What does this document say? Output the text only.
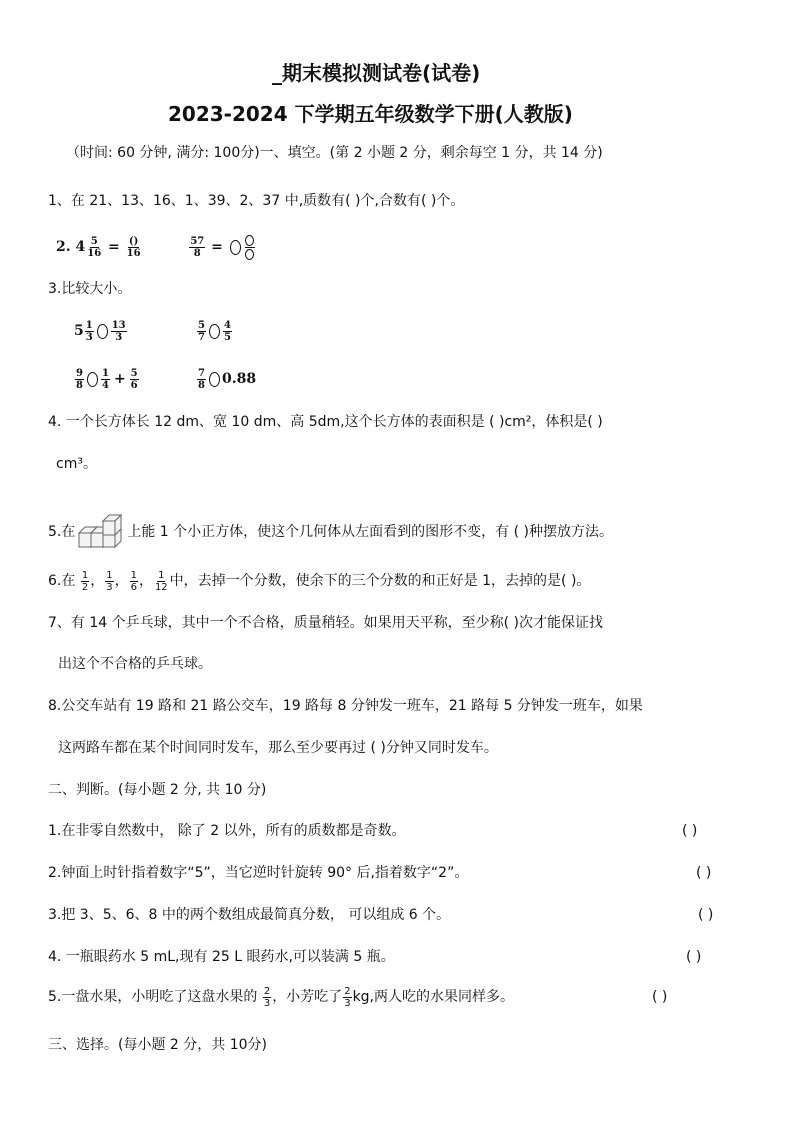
_期末模拟测试卷(试卷)
2023-2024 下学期五年级数学下册(人教版)
（时间: 60 分钟, 满分: 100分)一、填空。(第 2 小题 2 分，剩余每空 1 分，共 14 分)
1、在 21、13、16、1、39、2、37 中,质数有( )个,合数有( )个。
2. $4 \frac{5}{16} = \frac{()}{16}$
	$\frac{57}{8}$ =
3.比较大小。
$5 \frac{1}{3} \frac{13}{3}$	$\frac{5}{7} \frac{4}{5}$
$\frac{9}{8} \frac{1}{4} + \frac{5}{6}$	$\frac{7}{8} 0.88$
4. 一个长方体长 12 dm、宽 10 dm、高 5dm,这个长方体的表面积是 ( )cm²，体积是( )
cm³。
5.在	上能 1 个小正方体，使这个几何体从左面看到的图形不变，有 ( )种摆放方法。
6.在 $\frac{1}{2}$ ， $\frac{1}{3}$ ， $\frac{1}{6}$ ， $\frac{1}{12}$ 中，去掉一个分数，使余下的三个分数的和正好是 1，去掉的是( )。
7、有 14 个乒乓球，其中一个不合格，质量稍轻。如果用天平称，至少称( )次才能保证找
出这个不合格的乒乓球。
8.公交车站有 19 路和 21 路公交车，19 路每 8 分钟发一班车，21 路每 5 分钟发一班车，如果
这两路车都在某个时间同时发车，那么至少要再过 ( )分钟又同时发车。
二、判断。(每小题 2 分, 共 10 分)
1.在非零自然数中， 除了 2 以外，所有的质数都是奇数。	( )
2.钟面上时针指着数字“5”，当它逆时针旋转 90° 后,指着数字“2”。	( )
3.把 3、5、6、8 中的两个数组成最简真分数， 可以组成 6 个。	( )
4. 一瓶眼药水 5 mL,现有 25 L 眼药水,可以装满 5 瓶。	( )
5.一盘水果，小明吃了这盘水果的 $\frac{2}{3}$ ，小芳吃了 $\frac{2}{3}$ kg,两人吃的水果同样多。	( )
三、选择。(每小题 2 分，共 10分)
